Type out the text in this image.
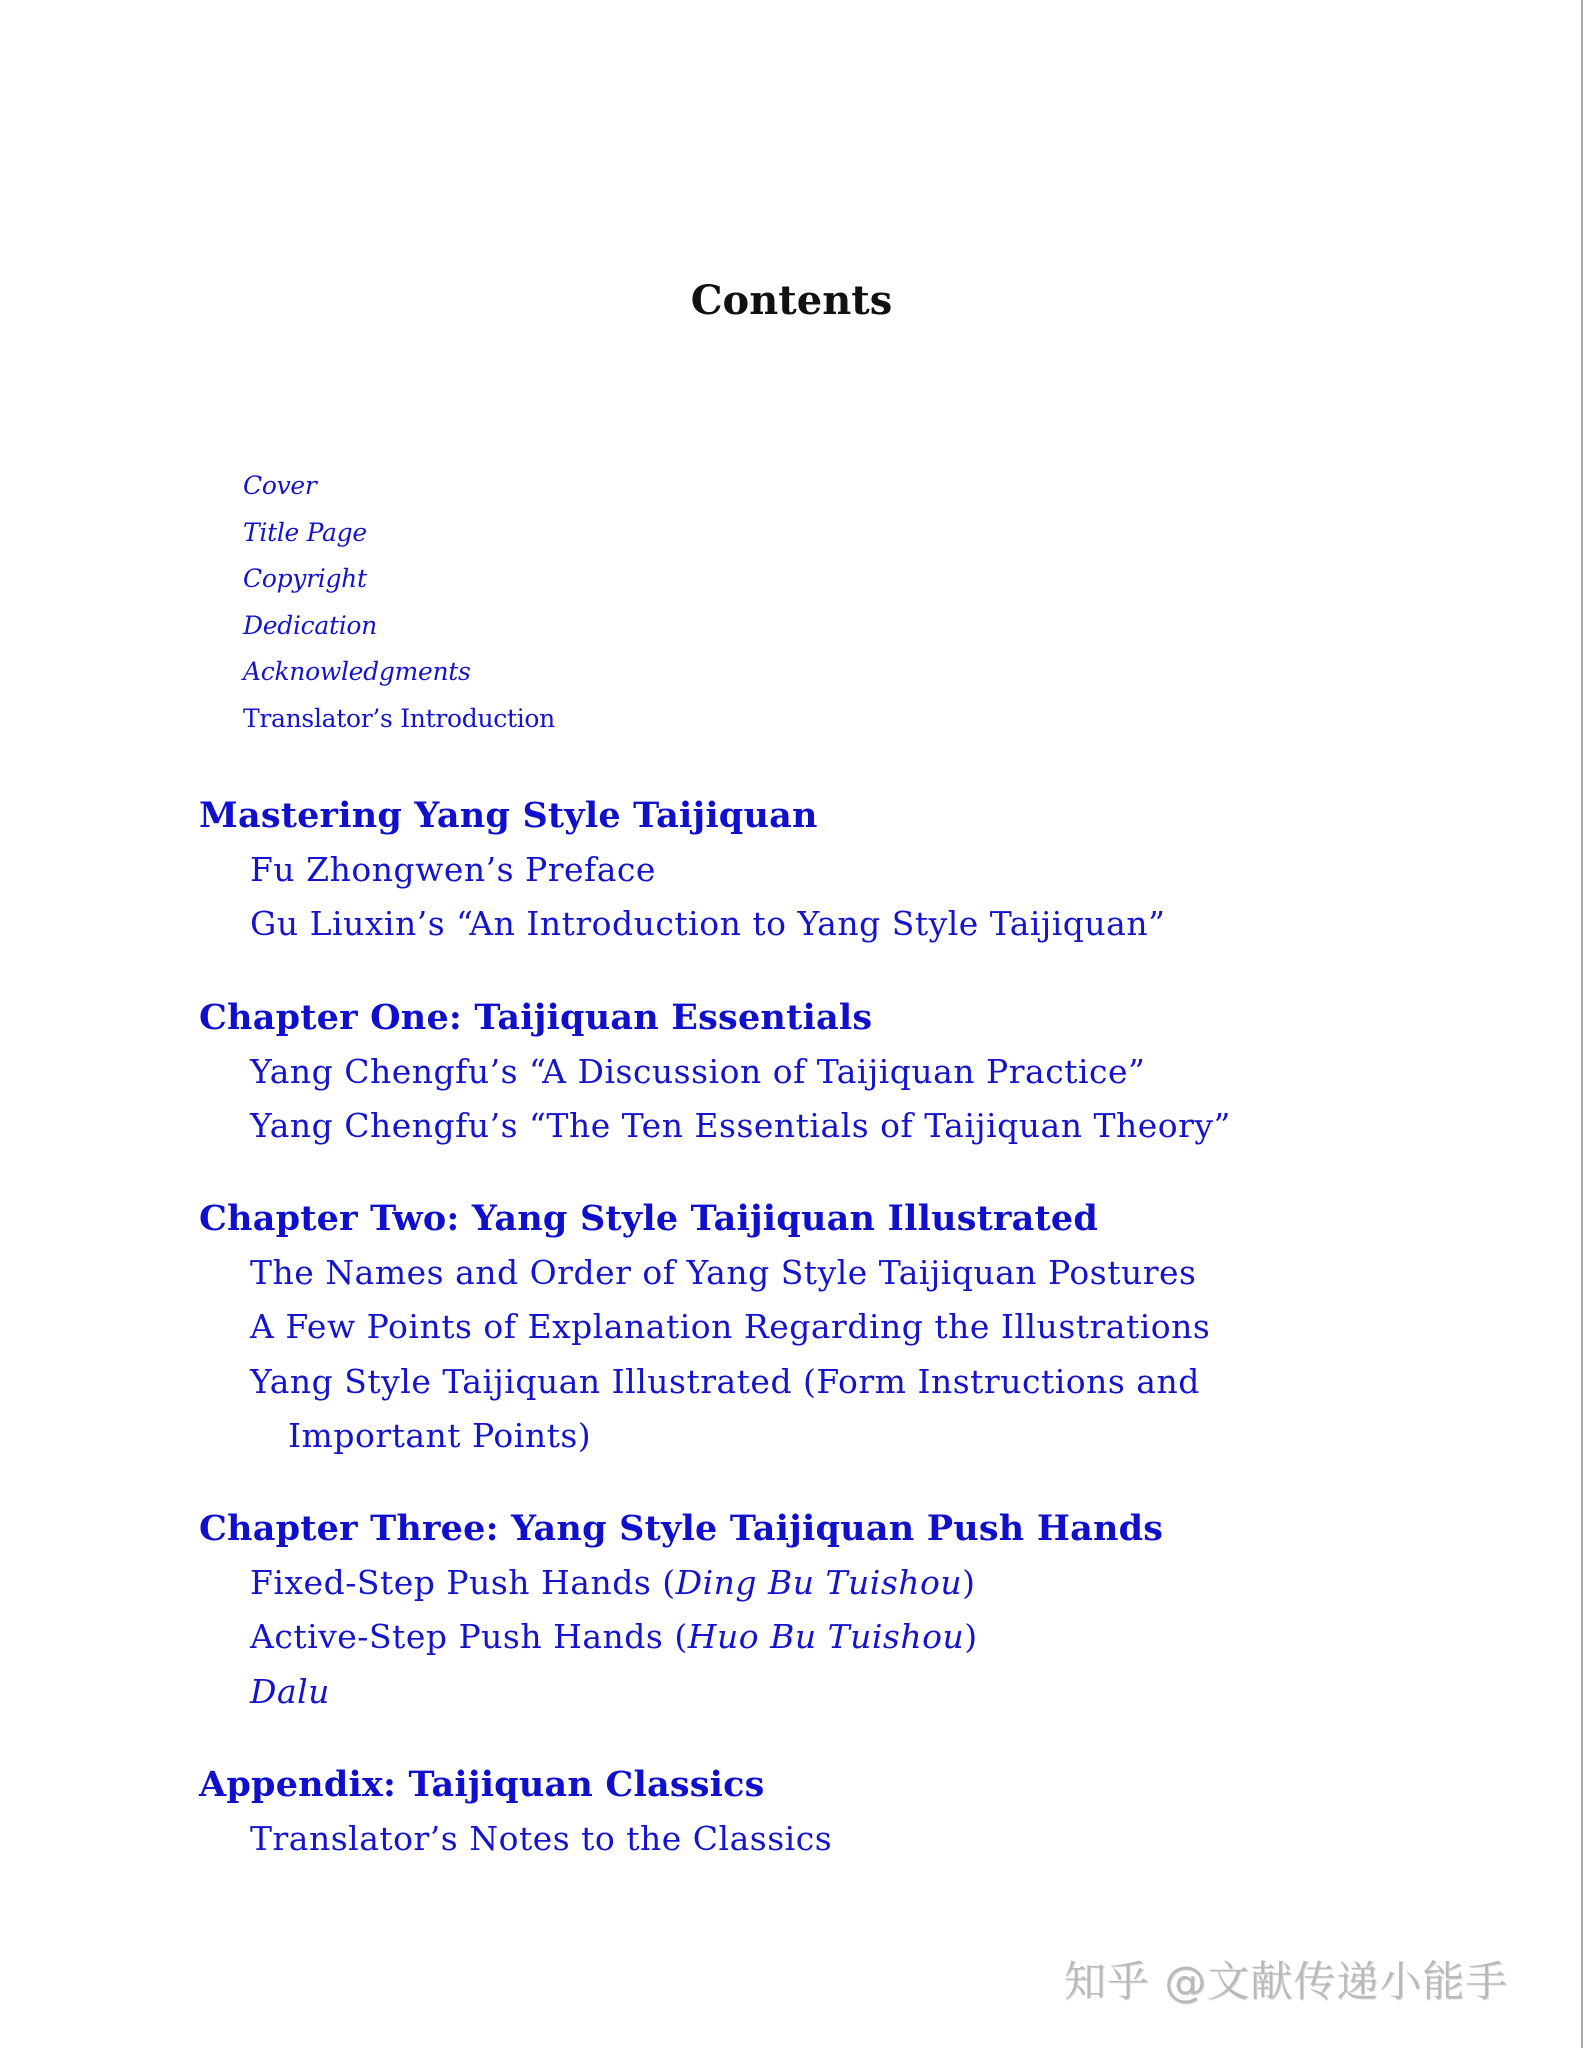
Contents
Cover
Title Page
Copyright
Dedication
Acknowledgments
Translator’s Introduction
Mastering Yang Style Taijiquan
Fu Zhongwen’s Preface
Gu Liuxin’s “An Introduction to Yang Style Taijiquan”
Chapter One: Taijiquan Essentials
Yang Chengfu’s “A Discussion of Taijiquan Practice”
Yang Chengfu’s “The Ten Essentials of Taijiquan Theory”
Chapter Two: Yang Style Taijiquan Illustrated
The Names and Order of Yang Style Taijiquan Postures
A Few Points of Explanation Regarding the Illustrations
Yang Style Taijiquan Illustrated (Form Instructions and Important Points)
Chapter Three: Yang Style Taijiquan Push Hands
Fixed-Step Push Hands (Ding Bu Tuishou)
Active-Step Push Hands (Huo Bu Tuishou)
Dalu
Appendix: Taijiquan Classics
Translator’s Notes to the Classics
知乎 @文献传递小能手
